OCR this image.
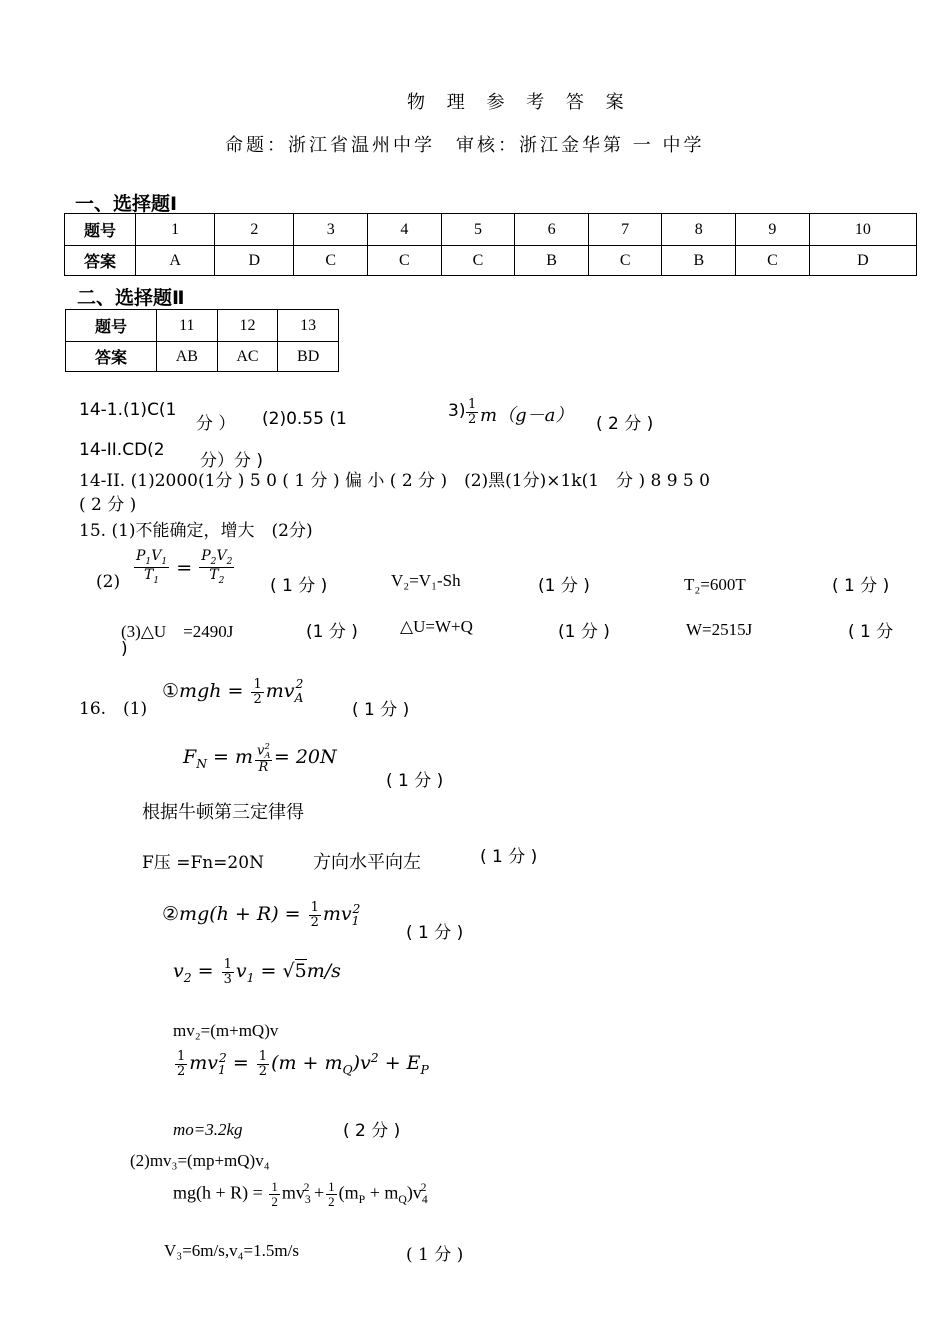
物 理 参 考 答 案
命题：浙江省温州中学　审核：浙江金华第 一 中学
一、选择题Ⅰ
题号	1	2	3	4	5	6	7	8	9	10
答案	A	D	C	C	C	B	C	B	C	D
二、选择题Ⅱ
题号	11	12	13
答案	AB	AC	BD
14-1.(1)C(1
分 ） (2)0.55 (1	$3) \frac{1}{2} m(g-a)$ ( 2 分 )
14-II.CD(2
分）分 )
14-II. (1)2000(1分 ) 5 0 ( 1 分 ) 偏 小 ( 2 分 )　(2)黑(1分)×1k(1　分 ) 8 9 5 0
( 2 分 )
15. (1)不能确定，增大　(2分)
$(2) \frac{P_1V_1}{T_1} = \frac{P_2V_2}{T_2}$ ( 1 分 )	V₂=V₁-Sh	(1 分 )	T₂=600T	( 1 分 )
(3)△U　=2490J	(1 分 ) △U=W+Q	(1 分 )	W=2515J	( 1 分
)
16.　(1)
①mgh = $\frac{1}{2} mv_A^2$
( 1 分 )
$F_N = m \frac{v_A^2}{R} = 20N$
( 1 分 )
根据牛顿第三定律得
F压 =Fn=20N	方向水平向左	( 1 分 )
②mg(h + $R) = \frac{1}{2} mv_1^2$
( 1 分 )
$v_2 = \frac{1}{3} v_1 = √5m/s$
mv₂=(m+mQ)v
$\frac{1}{2} mv_1^2 = \frac{1}{2} (m + m_Q)v^2 + E_P$
mo=3.2kg	( 2 分 )
(2)mv₃=(mp+mQ)v₄
$mg(h + R) = \frac{1}{2} mv_3^2 + \frac{1}{2} (m_P + m_Q)v_4^2$
V₃=6m/s,v₄=1.5m/s	( 1 分 )
